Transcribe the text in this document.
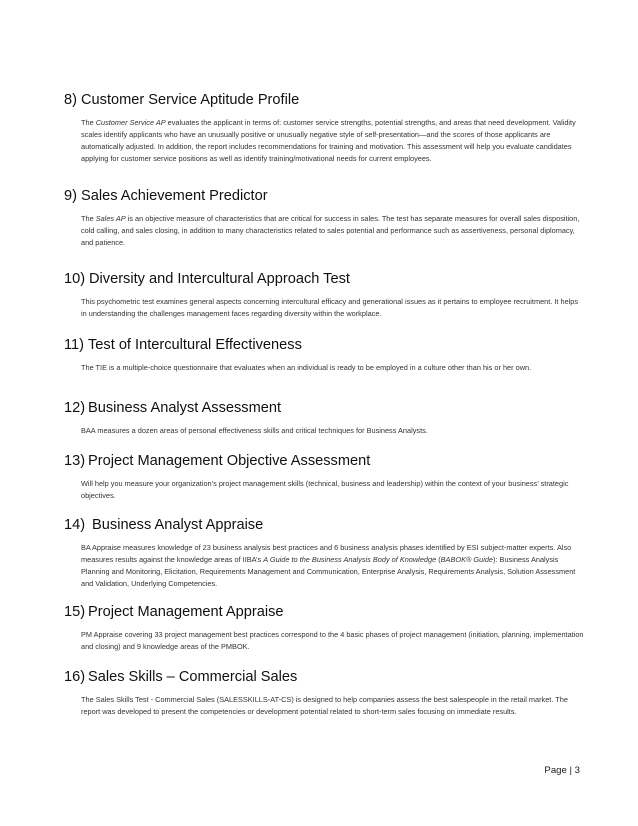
8) Customer Service Aptitude Profile

The Customer Service AP evaluates the applicant in terms of: customer service strengths, potential strengths, and areas that need development. Validity scales identify applicants who have an unusually positive or unusually negative style of self-presentation—and the scores of those applicants are automatically adjusted. In addition, the report includes recommendations for training and motivation. This assessment will help you evaluate candidates applying for customer service positions as well as identify training/motivational needs for current employees.

9) Sales Achievement Predictor

The Sales AP is an objective measure of characteristics that are critical for success in sales. The test has separate measures for overall sales disposition, cold calling, and sales closing, in addition to many characteristics related to sales potential and performance such as assertiveness, personal diplomacy, and patience.

10) Diversity and Intercultural Approach Test

This psychometric test examines general aspects concerning intercultural efficacy and generational issues as it pertains to employee recruitment. It helps in understanding the challenges management faces regarding diversity within the workplace.

11) Test of Intercultural Effectiveness

The TIE is a multiple-choice questionnaire that evaluates when an individual is ready to be employed in a culture other than his or her own.

12) Business Analyst Assessment

BAA measures a dozen areas of personal effectiveness skills and critical techniques for Business Analysts.

13) Project Management Objective Assessment

Will help you measure your organization’s project management skills (technical, business and leadership) within the context of your business’ strategic objectives.

14) Business Analyst Appraise

BA Appraise measures knowledge of 23 business analysis best practices and 6 business analysis phases identified by ESI subject-matter experts. Also measures results against the knowledge areas of IIBA’s A Guide to the Business Analysis Body of Knowledge (BABOK® Guide): Business Analysis Planning and Monitoring, Elicitation, Requirements Management and Communication, Enterprise Analysis, Requirements Analysis, Solution Assessment and Validation, Underlying Competencies.

15) Project Management Appraise

PM Appraise covering 33 project management best practices correspond to the 4 basic phases of project management (initiation, planning, implementation and closing) and 9 knowledge areas of the PMBOK.

16) Sales Skills – Commercial Sales

The Sales Skills Test - Commercial Sales (SALESSKILLS-AT-CS) is designed to help companies assess the best salespeople in the retail market. The report was developed to present the competencies or development potential related to short-term sales focusing on immediate results.

Page | 3
